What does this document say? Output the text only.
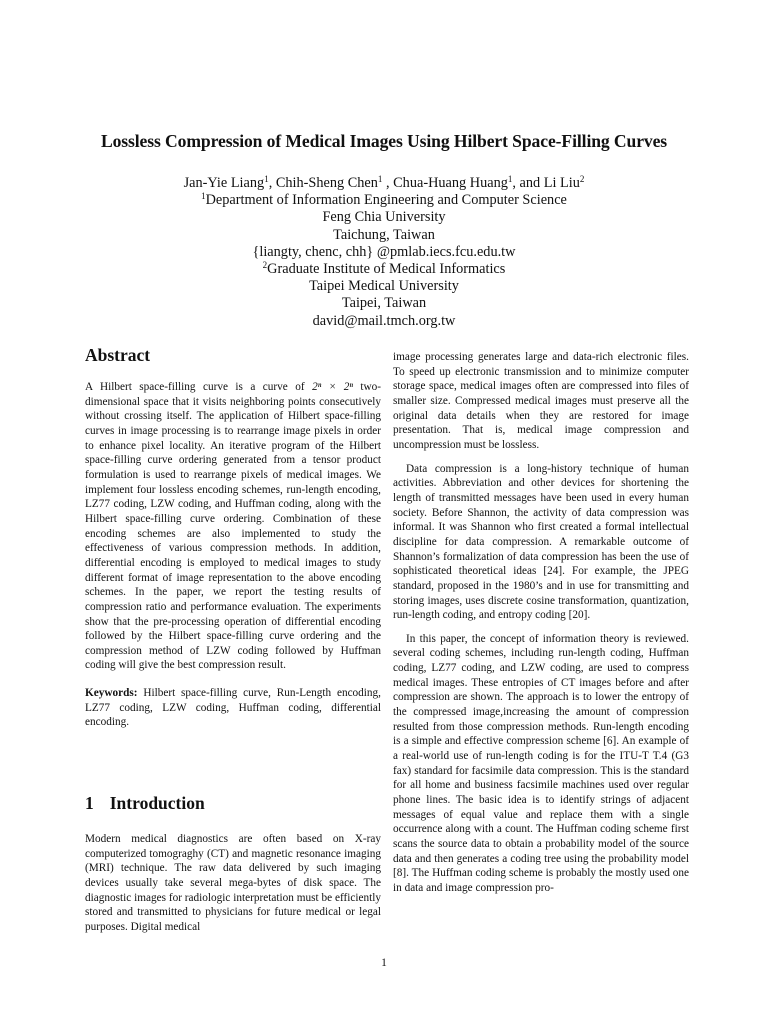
Lossless Compression of Medical Images Using Hilbert Space-Filling Curves
Jan-Yie Liang$^1$, Chih-Sheng Chen$^1$ , Chua-Huang Huang$^1$, and Li Liu$^2$
$^1$Department of Information Engineering and Computer Science
Feng Chia University
Taichung, Taiwan
{liangty, chenc, chh} @pmlab.iecs.fcu.edu.tw
$^2$Graduate Institute of Medical Informatics
Taipei Medical University
Taipei, Taiwan
david@mail.tmch.org.tw
Abstract

A Hilbert space-filling curve is a curve of 2ⁿ × 2ⁿ two-dimensional space that it visits neighboring points consecutively without crossing itself. The application of Hilbert space-filling curves in image processing is to rearrange image pixels in order to enhance pixel locality. An iterative program of the Hilbert space-filling curve ordering generated from a tensor product formulation is used to rearrange pixels of medical images. We implement four lossless encoding schemes, run-length encoding, LZ77 coding, LZW coding, and Huffman coding, along with the Hilbert space-filling curve ordering. Combination of these encoding schemes are also implemented to study the effectiveness of various compression methods. In addition, differential encoding is employed to medical images to study different format of image representation to the above encoding schemes. In the paper, we report the testing results of compression ratio and performance evaluation. The experiments show that the pre-processing operation of differential encoding followed by the Hilbert space-filling curve ordering and the compression method of LZW coding followed by Huffman coding will give the best compression result.

Keywords: Hilbert space-filling curve, Run-Length encoding, LZ77 coding, LZW coding, Huffman coding, differential encoding.

1 Introduction

Modern medical diagnostics are often based on X-ray computerized tomograghy (CT) and magnetic resonance imaging (MRI) technique. The raw data delivered by such imaging devices usually take several mega-bytes of disk space. The diagnostic images for radiologic interpretation must be efficiently stored and transmitted to physicians for future medical or legal purposes. Digital medical

image processing generates large and data-rich electronic files. To speed up electronic transmission and to minimize computer storage space, medical images often are compressed into files of smaller size. Compressed medical images must preserve all the original data details when they are restored for image presentation. That is, medical image compression and uncompression must be lossless.

Data compression is a long-history technique of human activities. Abbreviation and other devices for shortening the length of transmitted messages have been used in every human society. Before Shannon, the activity of data compression was informal. It was Shannon who first created a formal intellectual discipline for data compression. A remarkable outcome of Shannon’s formalization of data compression has been the use of sophisticated theoretical ideas [24]. For example, the JPEG standard, proposed in the 1980’s and in use for transmitting and storing images, uses discrete cosine transformation, quantization, run-length coding, and entropy coding [20].

In this paper, the concept of information theory is reviewed. several coding schemes, including run-length coding, Huffman coding, LZ77 coding, and LZW coding, are used to compress medical images. These entropies of CT images before and after compression are shown. The approach is to lower the entropy of the compressed image,increasing the amount of compression resulted from those compression methods. Run-length encoding is a simple and effective compression scheme [6]. An example of a real-world use of run-length coding is for the ITU-T T.4 (G3 fax) standard for facsimile data compression. This is the standard for all home and business facsimile machines used over regular phone lines. The basic idea is to identify strings of adjacent messages of equal value and replace them with a single occurrence along with a count. The Huffman coding scheme first scans the source data to obtain a probability model of the source data and then generates a coding tree using the probability model [8]. The Huffman coding scheme is probably the mostly used one in data and image compression pro-

1
